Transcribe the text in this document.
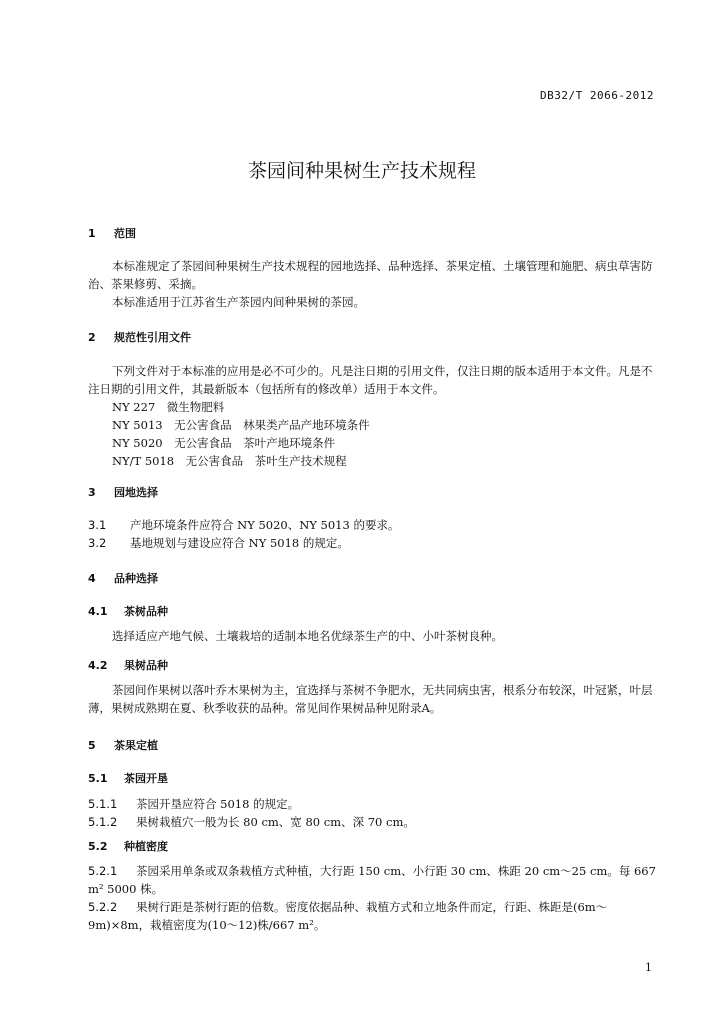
DB32/T 2066-2012
茶园间种果树生产技术规程
1 范围
本标准规定了茶园间种果树生产技术规程的园地选择、品种选择、茶果定植、土壤管理和施肥、病虫草害防治、茶果修剪、采摘。
本标准适用于江苏省生产茶园内间种果树的茶园。
2 规范性引用文件
下列文件对于本标准的应用是必不可少的。凡是注日期的引用文件，仅注日期的版本适用于本文件。凡是不注日期的引用文件，其最新版本（包括所有的修改单）适用于本文件。
NY 227　微生物肥料
NY 5013　无公害食品　林果类产品产地环境条件
NY 5020　无公害食品　茶叶产地环境条件
NY/T 5018　无公害食品　茶叶生产技术规程
3 园地选择
3.1 产地环境条件应符合 NY 5020、NY 5013 的要求。
3.2 基地规划与建设应符合 NY 5018 的规定。
4 品种选择
4.1 茶树品种
选择适应产地气候、土壤栽培的适制本地名优绿茶生产的中、小叶茶树良种。
4.2 果树品种
茶园间作果树以落叶乔木果树为主，宜选择与茶树不争肥水，无共同病虫害，根系分布较深，叶冠紧，叶层薄，果树成熟期在夏、秋季收获的品种。常见间作果树品种见附录A。
5 茶果定植
5.1 茶园开垦
5.1.1 茶园开垦应符合 5018 的规定。
5.1.2 果树栽植穴一般为长 80 cm、宽 80 cm、深 70 cm。
5.2 种植密度
5.2.1 茶园采用单条或双条栽植方式种植，大行距 150 cm、小行距 30 cm、株距 20 cm～25 cm。每 667 m² 5000 株。
5.2.2 果树行距是茶树行距的倍数。密度依据品种、栽植方式和立地条件而定，行距、株距是(6m～9m)×8m，栽植密度为(10～12)株/667 m²。
1
